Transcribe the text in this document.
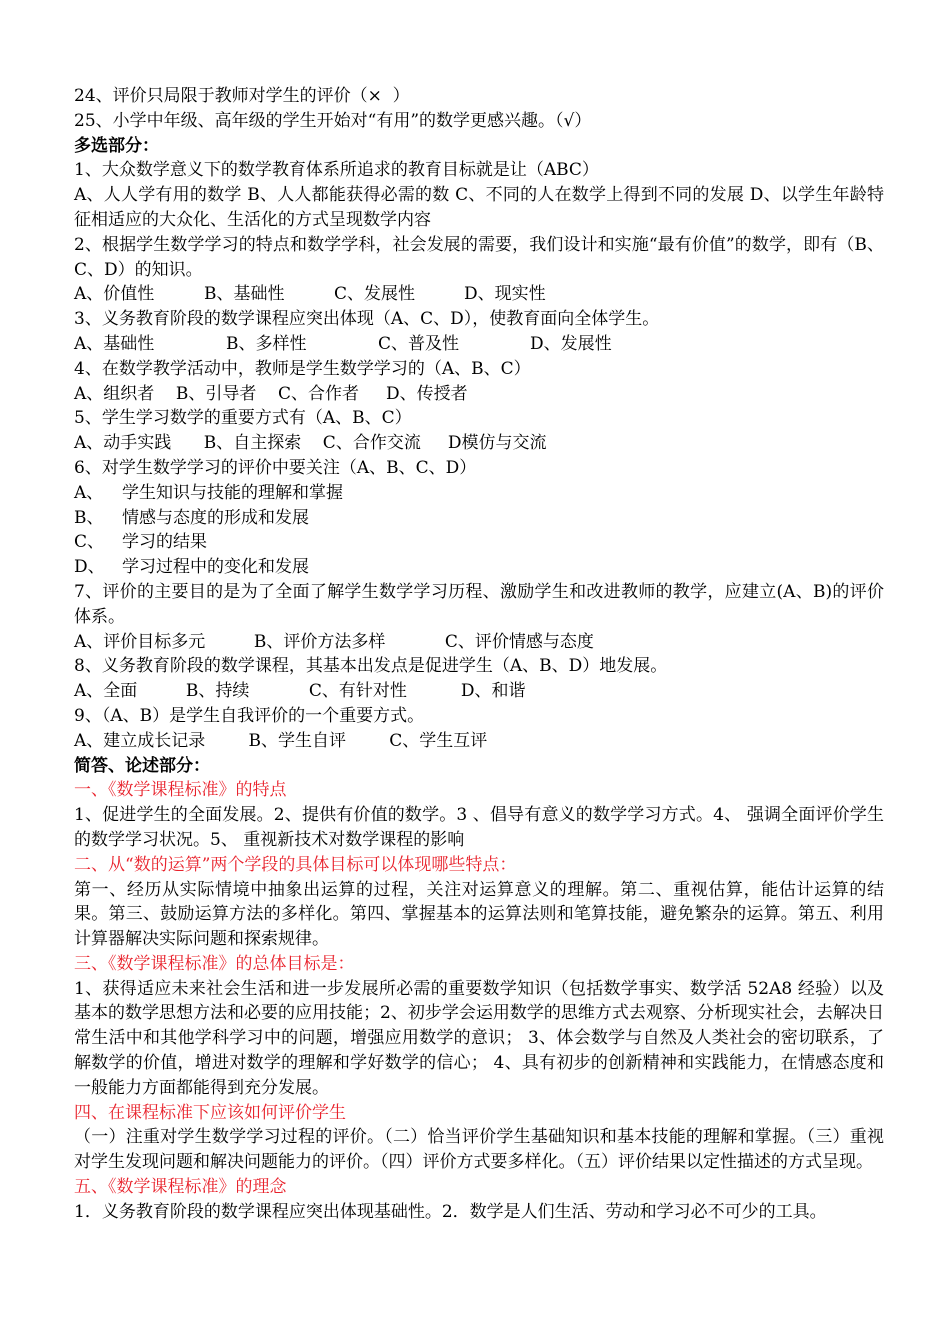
24、评价只局限于教师对学生的评价（×  ）
25、小学中年级、高年级的学生开始对“有用”的数学更感兴趣。（√）
多选部分：
1、大众数学意义下的数学教育体系所追求的教育目标就是让（ABC）
A、人人学有用的数学 B、人人都能获得必需的数 C、不同的人在数学上得到不同的发展 D、以学生年龄特征相适应的大众化、生活化的方式呈现数学内容
2、根据学生数学学习的特点和数学学科，社会发展的需要，我们设计和实施“最有价值”的数学，即有（B、C、D）的知识。
A、价值性	B、基础性	C、发展性	D、现实性
3、义务教育阶段的数学课程应突出体现（A、C、D），使教育面向全体学生。
A、基础性	B、多样性	C、普及性	D、发展性
4、在数学教学活动中，教师是学生数学学习的（A、B、C）
A、组织者    B、引导者    C、合作者     D、传授者
5、学生学习数学的重要方式有（A、B、C）
A、动手实践      B、自主探索    C、合作交流     D模仿与交流
6、对学生数学学习的评价中要关注（A、B、C、D）
A、 学生知识与技能的理解和掌握
B、 情感与态度的形成和发展
C、 学习的结果
D、 学习过程中的变化和发展
7、评价的主要目的是为了全面了解学生数学学习历程、激励学生和改进教师的教学，应建立(A、B)的评价体系。
A、评价目标多元         B、评价方法多样           C、评价情感与态度
8、义务教育阶段的数学课程，其基本出发点是促进学生（A、B、D）地发展。
A、全面         B、持续           C、有针对性          D、和谐
9、（A、B）是学生自我评价的一个重要方式。
A、建立成长记录        B、学生自评        C、学生互评
简答、论述部分：
一、《数学课程标准》的特点
1、促进学生的全面发展。2、提供有价值的数学。3 、倡导有意义的数学学习方式。4、 强调全面评价学生的数学学习状况。5、 重视新技术对数学课程的影响
二、从“数的运算”两个学段的具体目标可以体现哪些特点：
第一、经历从实际情境中抽象出运算的过程，关注对运算意义的理解。第二、重视估算，能估计运算的结果。第三、鼓励运算方法的多样化。第四、掌握基本的运算法则和笔算技能，避免繁杂的运算。第五、利用计算器解决实际问题和探索规律。
三、《数学课程标准》的总体目标是：
1、获得适应未来社会生活和进一步发展所必需的重要数学知识（包括数学事实、数学活 52A8 经验）以及基本的数学思想方法和必要的应用技能；2、初步学会运用数学的思维方式去观察、分析现实社会，去解决日常生活中和其他学科学习中的问题，增强应用数学的意识； 3、体会数学与自然及人类社会的密切联系，了解数学的价值，增进对数学的理解和学好数学的信心； 4、具有初步的创新精神和实践能力，在情感态度和一般能力方面都能得到充分发展。
四、在课程标准下应该如何评价学生
（一）注重对学生数学学习过程的评价。（二）恰当评价学生基础知识和基本技能的理解和掌握。（三）重视对学生发现问题和解决问题能力的评价。（四）评价方式要多样化。（五）评价结果以定性描述的方式呈现。
五、《数学课程标准》的理念
1．义务教育阶段的数学课程应突出体现基础性。2．数学是人们生活、劳动和学习必不可少的工具。
